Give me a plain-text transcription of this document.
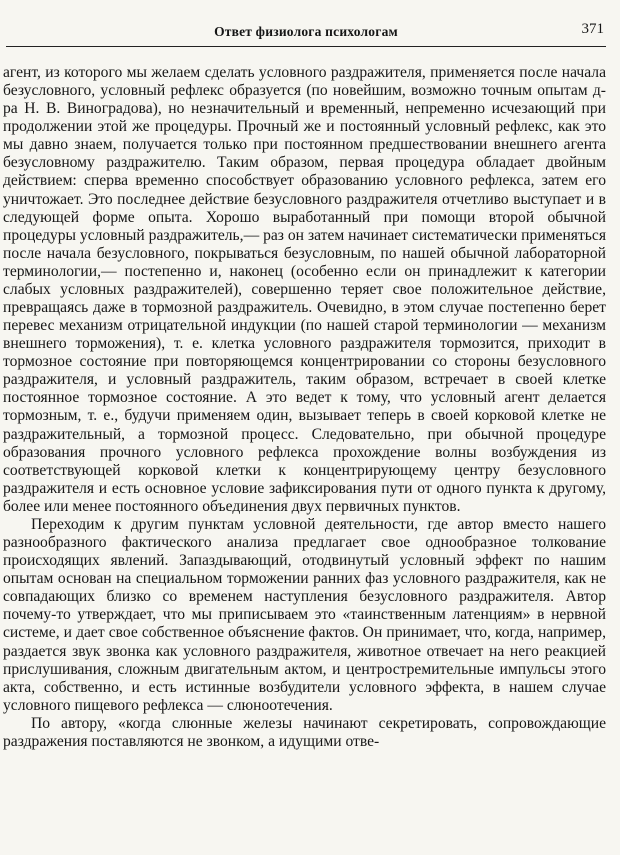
Ответ физиолога психологам	371

агент, из которого мы желаем сделать условного раздражителя, применяется после начала безусловного, условный рефлекс образуется (по новейшим, возможно точным опытам д-ра Н. В. Виноградова), но незначительный и временный, непременно исчезающий при продолжении этой же процедуры. Прочный же и постоянный условный рефлекс, как это мы давно знаем, получается только при постоянном предшествовании внешнего агента безусловному раздражителю. Таким образом, первая процедура обладает двойным действием: сперва временно способствует образованию условного рефлекса, затем его уничтожает. Это последнее действие безусловного раздражителя отчетливо выступает и в следующей форме опыта. Хорошо выработанный при помощи второй обычной процедуры условный раздражитель,— раз он затем начинает систематически применяться после начала безусловного, покрываться безусловным, по нашей обычной лабораторной терминологии,— постепенно и, наконец (особенно если он принадлежит к категории слабых условных раздражителей), совершенно теряет свое положительное действие, превращаясь даже в тормозной раздражитель. Очевидно, в этом случае постепенно берет перевес механизм отрицательной индукции (по нашей старой терминологии — механизм внешнего торможения), т. е. клетка условного раздражителя тормозится, приходит в тормозное состояние при повторяющемся концентрировании со стороны безусловного раздражителя, и условный раздражитель, таким образом, встречает в своей клетке постоянное тормозное состояние. А это ведет к тому, что условный агент делается тормозным, т. е., будучи применяем один, вызывает теперь в своей корковой клетке не раздражительный, а тормозной процесс. Следовательно, при обычной процедуре образования прочного условного рефлекса прохождение волны возбуждения из соответствующей корковой клетки к концентрирующему центру безусловного раздражителя и есть основное условие зафиксирования пути от одного пункта к другому, более или менее постоянного объединения двух первичных пунктов.

Переходим к другим пунктам условной деятельности, где автор вместо нашего разнообразного фактического анализа предлагает свое однообразное толкование происходящих явлений. Запаздывающий, отодвинутый условный эффект по нашим опытам основан на специальном торможении ранних фаз условного раздражителя, как не совпадающих близко со временем наступления безусловного раздражителя. Автор почему-то утверждает, что мы приписываем это «таинственным латенциям» в нервной системе, и дает свое собственное объяснение фактов. Он принимает, что, когда, например, раздается звук звонка как условного раздражителя, животное отвечает на него реакцией прислушивания, сложным двигательным актом, и центростремительные импульсы этого акта, собственно, и есть истинные возбудители условного эффекта, в нашем случае условного пищевого рефлекса — слюноотечения.

По автору, «когда слюнные железы начинают секретировать, сопровождающие раздражения поставляются не звонком, а идущими отве-
